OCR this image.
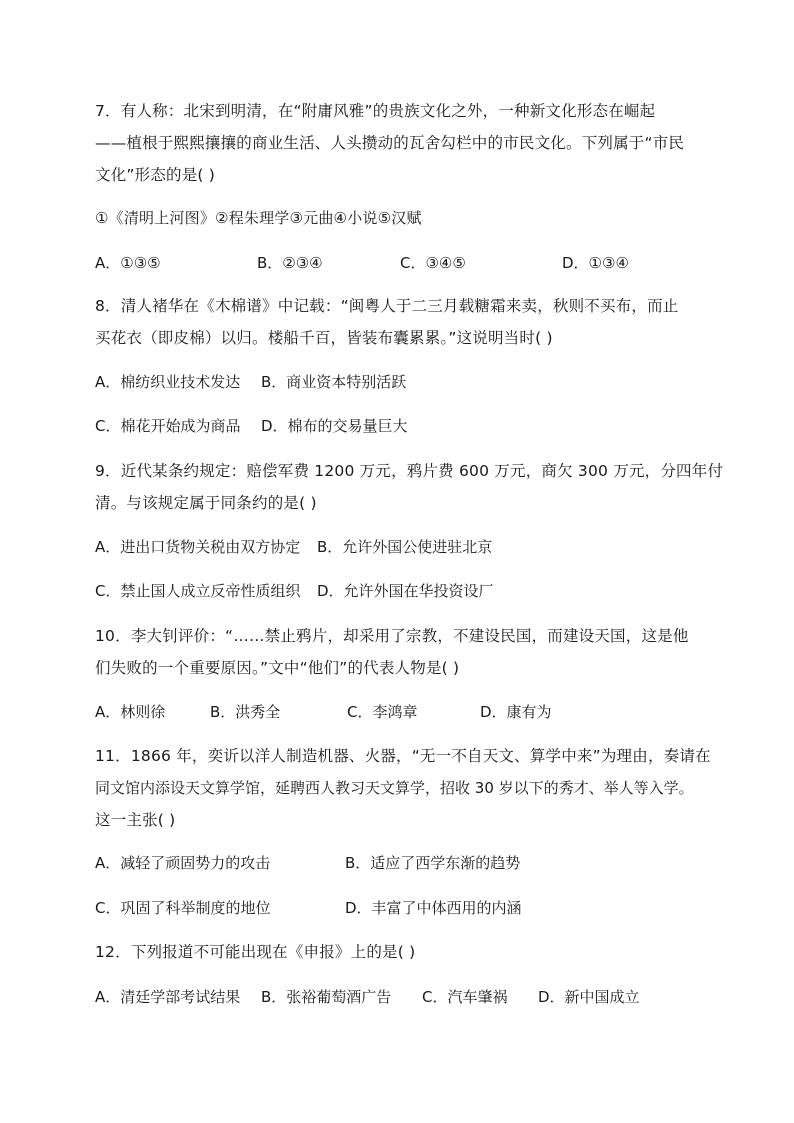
7．有人称：北宋到明清，在“附庸风雅”的贵族文化之外，一种新文化形态在崛起
——植根于熙熙攘攘的商业生活、人头攒动的瓦舍勾栏中的市民文化。下列属于“市民
文化”形态的是( )
①《清明上河图》②程朱理学③元曲④小说⑤汉赋
A．①③⑤	B．②③④	C．③④⑤	D．①③④
8．清人褚华在《木棉谱》中记载：“闽粤人于二三月载糖霜来卖，秋则不买布，而止
买花衣（即皮棉）以归。楼船千百，皆装布囊累累。”这说明当时( )
A．棉纺织业技术发达 B．商业资本特别活跃
C．棉花开始成为商品 D．棉布的交易量巨大
9．近代某条约规定：赔偿军费 1200 万元，鸦片费 600 万元，商欠 300 万元，分四年付
清。与该规定属于同条约的是( )
A．进出口货物关税由双方协定 B．允许外国公使进驻北京
C．禁止国人成立反帝性质组织 D．允许外国在华投资设厂
10．李大钊评价：“……禁止鸦片，却采用了宗教，不建设民国，而建设天国，这是他
们失败的一个重要原因。”文中“他们”的代表人物是( )
A．林则徐	B．洪秀全	C．李鸿章	D．康有为
11．1866 年，奕䜣以洋人制造机器、火器，“无一不自天文、算学中来”为理由，奏请在
同文馆内添设天文算学馆，延聘西人教习天文算学，招收 30 岁以下的秀才、举人等入学。
这一主张( )
A．减轻了顽固势力的攻击	B．适应了西学东渐的趋势
C．巩固了科举制度的地位	D．丰富了中体西用的内涵
12．下列报道不可能出现在《申报》上的是( )
A．清廷学部考试结果 B．张裕葡萄酒广告 C．汽车肇祸 D．新中国成立
